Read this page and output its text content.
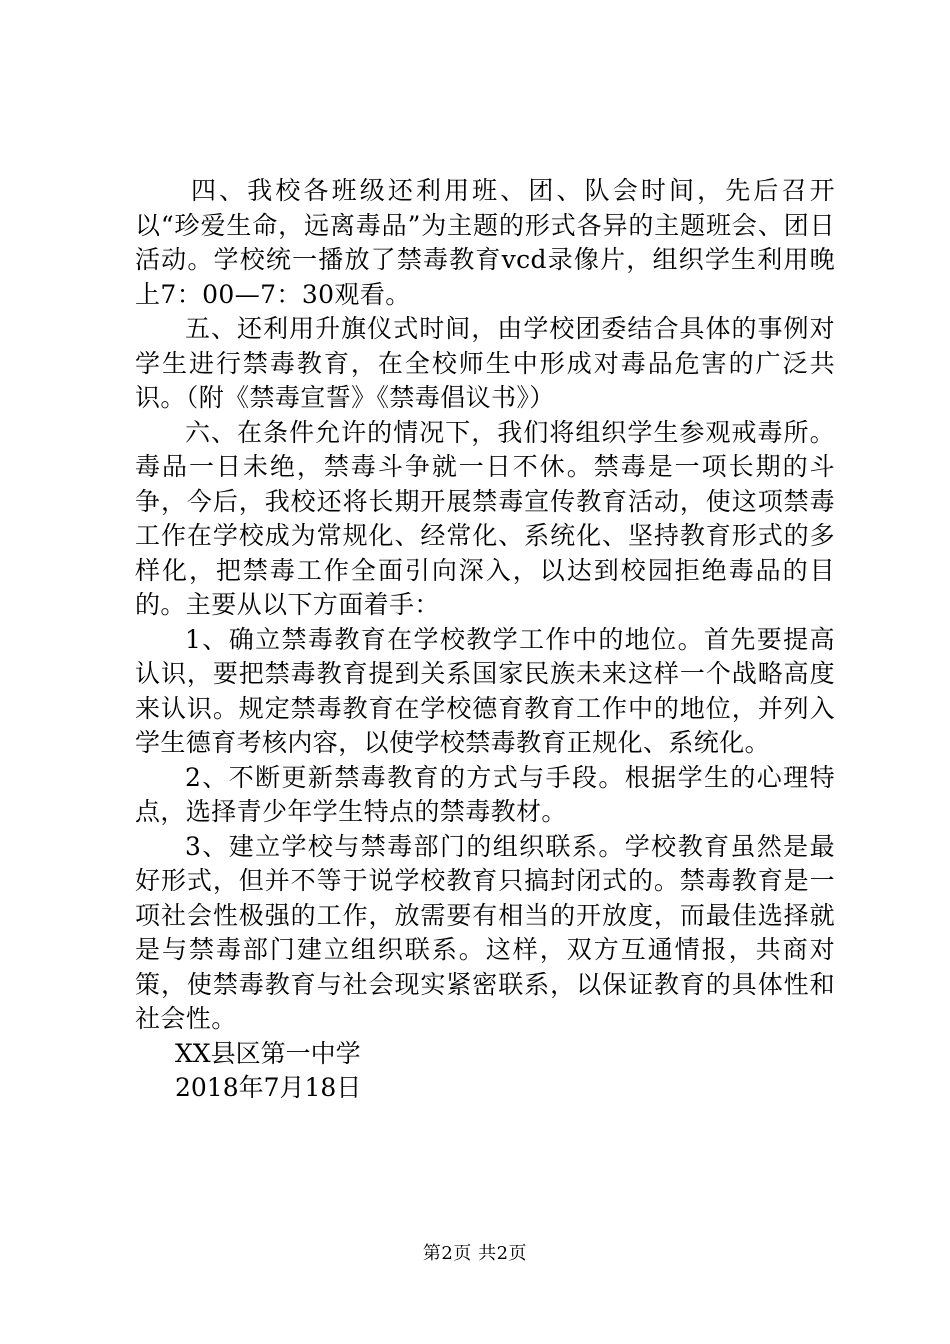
四、我校各班级还利用班、团、队会时间，先后召开以“珍爱生命，远离毒品”为主题的形式各异的主题班会、团日活动。学校统一播放了禁毒教育vcd录像片，组织学生利用晚上7：00—7：30观看。

五、还利用升旗仪式时间，由学校团委结合具体的事例对学生进行禁毒教育，在全校师生中形成对毒品危害的广泛共识。（附《禁毒宣誓》《禁毒倡议书》）

六、在条件允许的情况下，我们将组织学生参观戒毒所。毒品一日未绝，禁毒斗争就一日不休。禁毒是一项长期的斗争，今后，我校还将长期开展禁毒宣传教育活动，使这项禁毒工作在学校成为常规化、经常化、系统化、坚持教育形式的多样化，把禁毒工作全面引向深入，以达到校园拒绝毒品的目的。主要从以下方面着手：

1、确立禁毒教育在学校教学工作中的地位。首先要提高认识，要把禁毒教育提到关系国家民族未来这样一个战略高度来认识。规定禁毒教育在学校德育教育工作中的地位，并列入学生德育考核内容，以使学校禁毒教育正规化、系统化。

2、不断更新禁毒教育的方式与手段。根据学生的心理特点，选择青少年学生特点的禁毒教材。

3、建立学校与禁毒部门的组织联系。学校教育虽然是最好形式，但并不等于说学校教育只搞封闭式的。禁毒教育是一项社会性极强的工作，放需要有相当的开放度，而最佳选择就是与禁毒部门建立组织联系。这样，双方互通情报，共商对策，使禁毒教育与社会现实紧密联系，以保证教育的具体性和社会性。

XX县区第一中学

2018年7月18日

第2页 共2页
